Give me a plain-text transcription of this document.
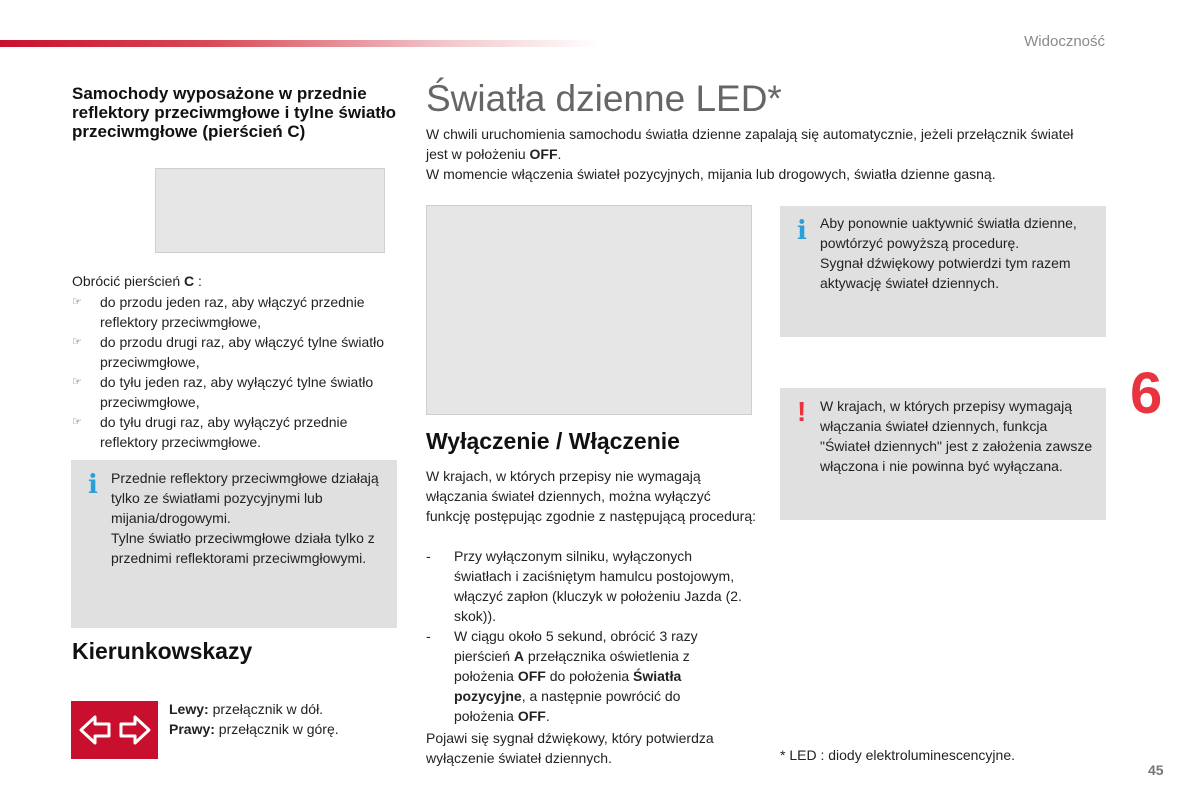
Widoczność
6
45
Samochody wyposażone w przednie reflektory przeciwmgłowe i tylne światło przeciwmgłowe (pierścień C)
Obrócić pierścień C :
☞ do przodu jeden raz, aby włączyć przednie reflektory przeciwmgłowe,
☞ do przodu drugi raz, aby włączyć tylne światło przeciwmgłowe,
☞ do tyłu jeden raz, aby wyłączyć tylne światło przeciwmgłowe,
☞ do tyłu drugi raz, aby wyłączyć przednie reflektory przeciwmgłowe.
i Przednie reflektory przeciwmgłowe działają tylko ze światłami pozycyjnymi lub mijania/drogowymi.
Tylne światło przeciwmgłowe działa tylko z przednimi reflektorami przeciwmgłowymi.
Kierunkowskazy
Lewy: przełącznik w dół.
Prawy: przełącznik w górę.
Światła dzienne LED*
W chwili uruchomienia samochodu światła dzienne zapalają się automatycznie, jeżeli przełącznik świateł jest w położeniu OFF.
W momencie włączenia świateł pozycyjnych, mijania lub drogowych, światła dzienne gasną.
Wyłączenie / Włączenie
W krajach, w których przepisy nie wymagają włączania świateł dziennych, można wyłączyć funkcję postępując zgodnie z następującą procedurą:
- Przy wyłączonym silniku, wyłączonych światłach i zaciśniętym hamulcu postojowym, włączyć zapłon (kluczyk w położeniu Jazda (2. skok)).
- W ciągu około 5 sekund, obrócić 3 razy pierścień A przełącznika oświetlenia z położenia OFF do położenia Światła pozycyjne, a następnie powrócić do położenia OFF.
Pojawi się sygnał dźwiękowy, który potwierdza wyłączenie świateł dziennych.
i Aby ponownie uaktywnić światła dzienne, powtórzyć powyższą procedurę.
Sygnał dźwiękowy potwierdzi tym razem aktywację świateł dziennych.
! W krajach, w których przepisy wymagają włączania świateł dziennych, funkcja "Świateł dziennych" jest z założenia zawsze włączona i nie powinna być wyłączana.
* LED : diody elektroluminescencyjne.
